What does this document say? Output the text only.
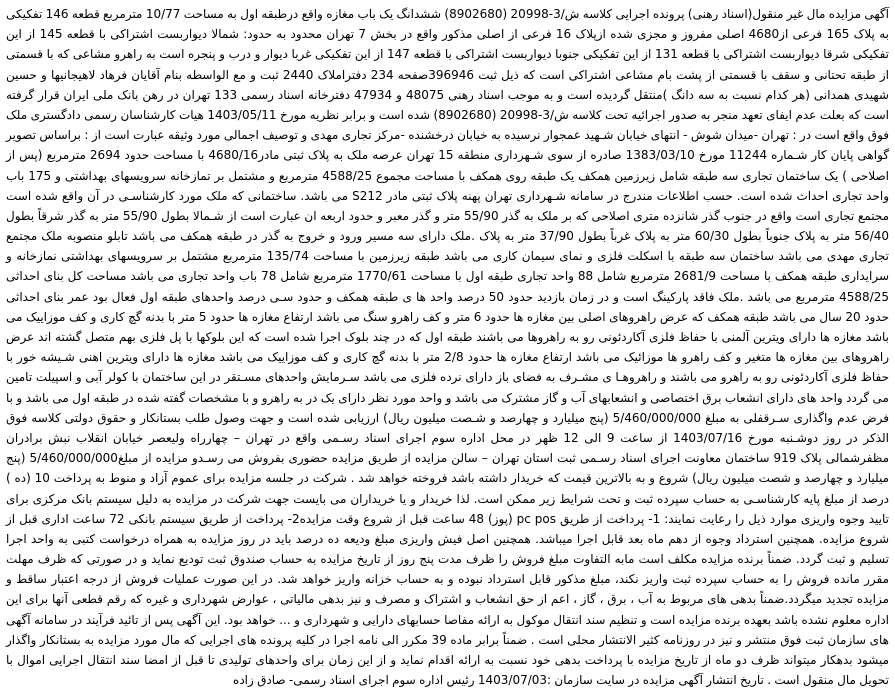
آگهی مزایده مال غیر منقول(اسناد رهنی) پرونده اجرایی کلاسه ش/3-20998 (8902680) ششدانگ یک باب مغازه واقع درطبقه اول به مساحت 10/77 مترمربع قطعه 146 تفکیکی به پلاک 165 فرعی از4680 اصلی مفروز و مجزی شده ازپلاک 16 فرعی از اصلی مذکور واقع در بخش 7 تهران محدود به حدود: شمالا دیواربست اشتراکی با قطعه 145 از این تفکیکی شرقا دیواربست اشتراکی با قطعه 131 از این تفکیکی جنوبا دیواربست اشتراکی با قطعه 147 از این تفکیکی غربا دیوار و درب و پنجره است به راهرو مشاعی که با قسمتی از طبقه تحتانی و سقف با قسمتی از پشت بام مشاعی اشتراکی است که ذیل ثبت 396946صفحه 234 دفتراملاک 2440 ثبت و مع الواسطه بنام آقایان فرهاد لاهیجانیها و حسین شهیدی همدانی (هر کدام نسبت به سه دانگ )منتقل گردیده است و به موجب اسناد رهنی 48075 و 47934 دفترخانه اسناد رسمی 133 تهران در رهن بانک ملی ایران قرار گرفته است که بعلت عدم ایفای تعهد منجر به صدور اجرائیه تحت کلاسه ش/3-20998 (8902680) شده است و برابر نظریه مورخ 1403/05/11 هیات کارشناسان رسمی دادگستری ملک فوق واقع است در : تهران -میدان شوش - انتهای خیابان شـهید عمجوار نرسیده به خیابان درخشنده -مرکز تجاری مهدی و توصیف اجمالی مورد وثیقه عبارت است از : براساس تصویر گواهی پایان کار شـماره 11244 مورخ 1383/03/10 صادره از سوی شـهرداری منطقه 15 تهران عرصه ملک به پلاک ثبتی مادر4680/16 با مساحت حدود 2694 مترمربع (پس از اصلاحی ) یک ساختمان تجاری سه طبقه شامل زیرزمین همکف یک طبقه روی همکف با مساحت مجموع 4588/25 مترمربع و مشتمل بر تمازخانه سرویسهای بهداشتی و 175 باب واحد تجاری احداث شده است. حسب اطلاعات مندرج در سامانه شـهرداری تهران پهنه پلاک ثبتی مادر S212 می باشد. ساختمانی که ملک مورد کارشناسـی در آن واقع شده است مجتمع تجاری است واقع در جنوب گذر شانزده متری اصلاحی که بر ملک به گذر 55/90 متر و گذر معبر و حدود اربعه ان عبارت است از شـمالا بطول 55/90 متر به گذر شرقاً بطول 56/40 متر به پلاک جنوباً بطول 60/30 متر به پلاک غرباً بطول 37/90 متر به پلاک .ملک دارای سه مسیر ورود و خروج به گذر در طبقه همکف می باشد تابلو منصوبه ملک مجتمع تجاری مهدی می باشد ساختمان سه طبقه با اسکلت فلزی و نمای سیمان کاری می باشد طبقه زیرزمین با مساحت 135/74 مترمربع مشتمل بر سرویسهای بهداشتی نمازخانه و سرایداری طبقه همکف با مساحت 2681/9 مترمربع شامل 88 واحد تجاری طبقه اول با مساحت 1770/61 مترمربع شامل 78 باب واحد تجاری می باشد مساحت کل بنای احداثی 4588/25 مترمربع می باشد .ملک فاقد پارکینگ است و در زمان بازدید حدود 50 درصد واحد ها ی طبقه همکف و حدود سـی درصد واحدهای طبقه اول فعال بود عمر بنای احداثی حدود 20 سال می باشد طبقه همکف که عرض راهروهای اصلی بین مغازه ها حدود 6 متر و کف راهرو سنگ می باشد ارتفاع مغازه ها حدود 5 متر با بدنه گچ کاری و کف موزاییک می باشد مغازه ها دارای ویترین آلمنی با حفاظ فلزی آکاردئونی رو به راهروها می باشند طبقه اول که در چند بلوک اجرا شده است که این بلوکها با پل فلزی بهم متصل گشته اند عرض راهروهای بین مغازه ها متغیر و کف راهرو ها موزائیک می باشد ارتفاع مغازه ها حدود 2/8 متر با بدنه گچ کاری و کف موزاییک می باشد مغازه ها دارای ویترین اهنی شـیشه خور با حفاظ فلزی آکاردئونی رو به راهرو می باشند و راهروهـا ی مشـرف به فضای باز دارای نرده فلزی می باشد سـرمایش واحدهای مسـتقر در این ساختمان با کولر آبی و اسپیلت تامین می گردد واحد های دارای انشعاب برق اختصاصی و انشعابهای آب و گاز مشترک می باشد و واحد مورد نظر دارای یک در به راهرو و با مشخصات گفته شده در طبقه اول می باشد و با فرض عدم واگذاری سـرقفلی به مبلغ 5/460/000/000 (پنج میلیارد و چهارصد و شـصت میلیون ریال) ارزیابی شده است و جهت وصول طلب بستانکار و حقوق دولتی کلاسه فوق الذکر در روز دوشـنبه مورخ 1403/07/16 از ساعت 9 الی 12 ظهر در محل اداره سوم اجرای اسناد رسـمی واقع در تهران – چهارراه ولیعصر خیابان انقلاب نبش برادران مظفرشمالی پلاک 919 ساختمان معاونت اجرای اسناد رسـمی ثبت استان تهران – سالن مزایده از طریق مزایده حضوری بفروش می رسـدو مزایده از مبلغ5/460/000/000 (پنج میلیارد و چهارصد و شصت میلیون ریال) شروع و به بالاترین قیمت که خریدار داشته باشد فروخته خواهد شد . شرکت در جلسه مزایده برای عموم آزاد و منوط به پرداخت 10 (ده ) درصد از مبلغ پایه کارشناسـی به حساب سپرده ثبت و تحت شرایط زیر ممکن است. لذا خریدار و یا خریداران می بایست جهت شرکت در مزایده به دلیل سیستم بانک مرکزی برای تایید وجوه واریزی موارد ذیل را رعایت نمایند: 1- پرداخت از طریق pc pos (پوز) 48 ساعت قبل از شروع وقت مزایده2- پرداخت از طریق سیستم بانکی 72 ساعت اداری قبل از شروع مزایده. همچنین استرداد وجوه از دهم ماه بعد قابل اجرا میباشد. همچنین اصل فیش واریزی مبلغ ودیعه ده درصد باید در روز مزایده به همراه درخواست کتبی به واحد اجرا تسلیم و ثبت گردد. ضمناً برنده مزایده مکلف است مابه التفاوت مبلغ فروش را ظرف مدت پنج روز از تاریخ مزایده به حساب صندوق ثبت تودیع نماید و در صورتی که ظرف مهلت مقرر مانده فروش را به حساب سپرده ثبت واریز نکند، مبلغ مذکور قابل استرداد نبوده و به حساب خزانه واریز خواهد شد. در این صورت عملیات فروش از درجه اعتبار ساقط و مزایده تجدید میگردد.ضمناً بدهی های مربوط به آب ، برق ، گاز ، اعم از حق انشعاب و اشتراک و مصرف و نیز بدهی مالیاتی ، عوارض شهرداری و غیره که رقم قطعی آنها برای این اداره معلوم نشده باشد بعهده برنده مزایده است و تنظیم سند انتقال موکول به ارائه مفاصا حسابهای دارایی و شهرداری و ... خواهد بود. این آگهی پس از تائید فرآیند در سامانه آگهی های سازمان ثبت فوق منتشر و نیز در روزنامه کثیر الانتشار محلی است . ضمناً برابر ماده 39 مکرر الی نامه اجرا در کلیه پرونده های اجرایی که مال مورد مزایده به بستانکار واگذار میشود بدهکار میتواند ظرف دو ماه از تاریخ مزایده با پرداخت بدهی خود نسبت به ارائه اقدام نماید و از این زمان برای واحدهای تولیدی تا قبل از امضا سند انتقال اجرایی اموال با تحویل مال منقول است . تاریخ انتشار آگهی مزایده در سایت سازمان :1403/07/03 رئیس اداره سوم اجرای اسناد رسمی- صادق زاده
